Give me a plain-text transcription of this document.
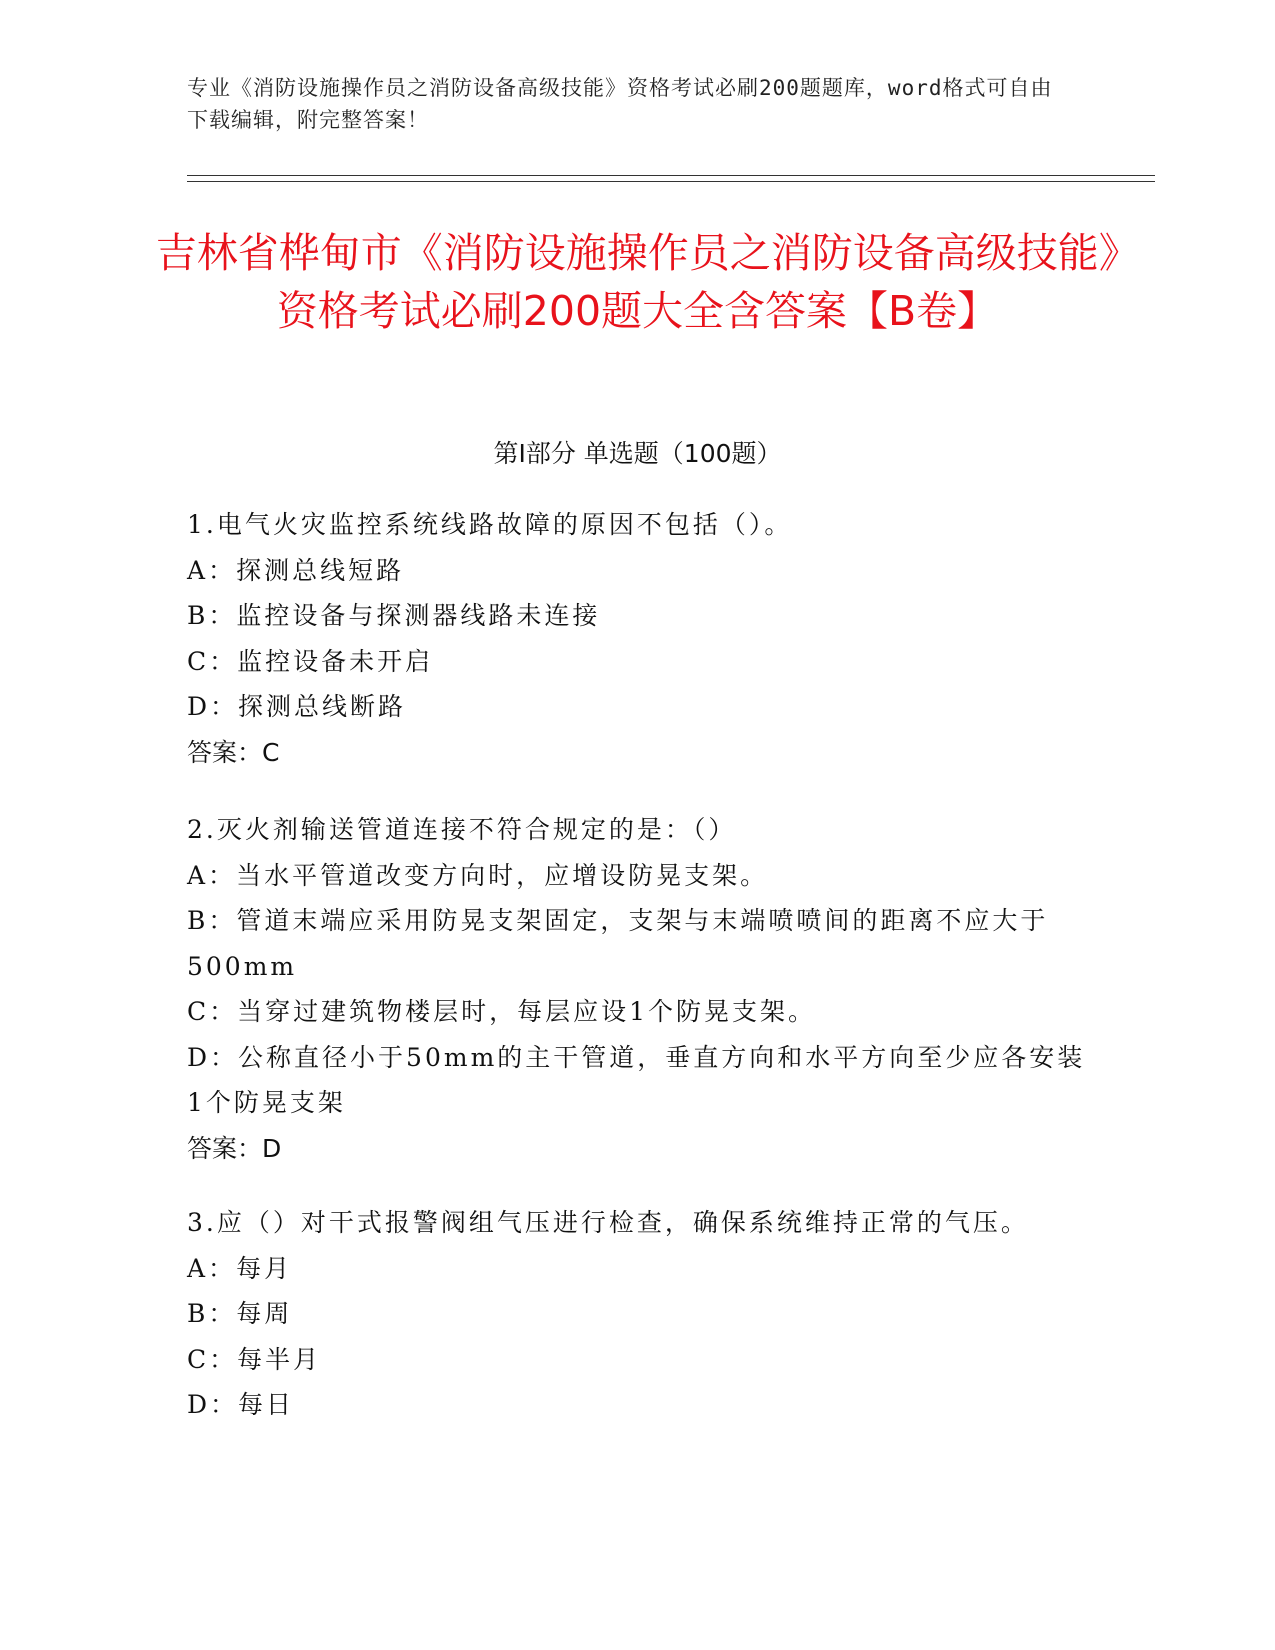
专业《消防设施操作员之消防设备高级技能》资格考试必刷200题题库，word格式可自由下载编辑，附完整答案！
吉林省桦甸市《消防设施操作员之消防设备高级技能》资格考试必刷200题大全含答案【B卷】
第Ⅰ部分 单选题（100题）
1.电气火灾监控系统线路故障的原因不包括（）。
A： 探测总线短路
B： 监控设备与探测器线路未连接
C： 监控设备未开启
D： 探测总线断路
答案：C
2.灭火剂输送管道连接不符合规定的是：（）
A： 当水平管道改变方向时，应增设防晃支架。
B：管道末端应采用防晃支架固定，支架与末端喷喷间的距离不应大于500mm
C： 当穿过建筑物楼层时，每层应设1个防晃支架。
D：公称直径小于50mm的主干管道，垂直方向和水平方向至少应各安装1个防晃支架
答案：D
3.应（）对干式报警阀组气压进行检查，确保系统维持正常的气压。
A： 每月
B： 每周
C： 每半月
D： 每日
